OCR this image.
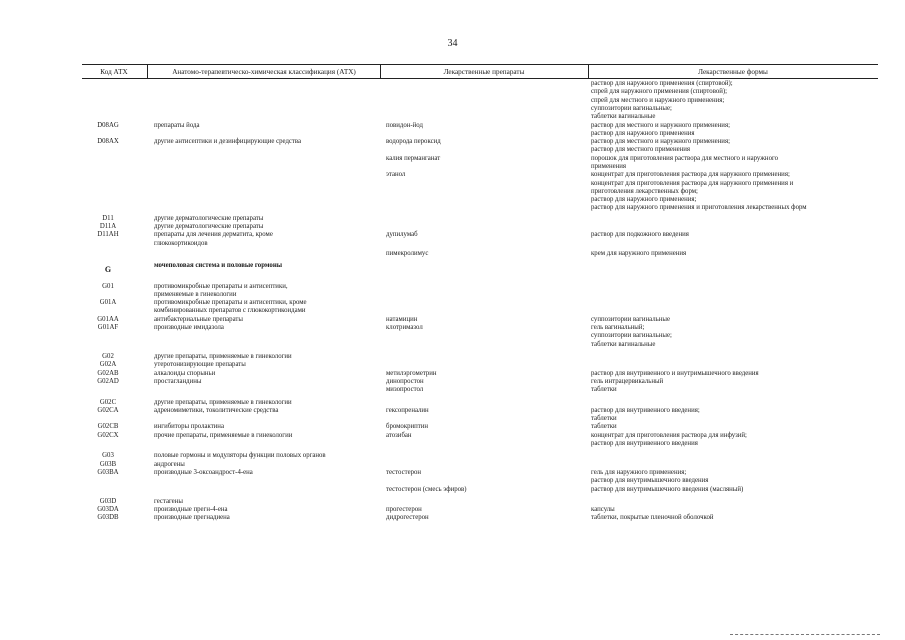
34
Код АТХ	Анатомо-терапевтическо-химическая классификация (АТХ)	Лекарственные препараты	Лекарственные формы
раствор для наружного применения (спиртовой);
спрей для наружного применения (спиртовой);
спрей для местного и наружного применения;
суппозитории вагинальные;
таблетки вагинальные
D08AG	препараты йода	повидон-йод	раствор для местного и наружного применения;
раствор для наружного применения
D08AX	другие антисептики и дезинфицирующие средства	водорода пероксид	раствор для местного и наружного применения;
раствор для местного применения
калия перманганат	порошок для приготовления раствора для местного и наружного
применения
этанол	концентрат для приготовления раствора для наружного применения;
концентрат для приготовления раствора для наружного применения и
приготовления лекарственных форм;
раствор для наружного применения;
раствор для наружного применения и приготовления лекарственных форм
D11	другие дерматологические препараты
D11A	другие дерматологические препараты
D11AH	препараты для лечения дерматита, кроме
глюкокортикоидов
дупилумаб	раствор для подкожного введения
пимекролимус	крем для наружного применения
G	мочеполовая система и половые гормоны
G01	противомикробные препараты и антисептики,
применяемые в гинекологии
G01A	противомикробные препараты и антисептики, кроме
комбинированных препаратов с глюкокортикоидами
G01AA	антибактериальные препараты	натамицин	суппозитории вагинальные
G01AF	производные имидазола	клотримазол	гель вагинальный;
суппозитории вагинальные;
таблетки вагинальные
G02	другие препараты, применяемые в гинекологии
G02A	утеротонизирующие препараты
G02AB	алкалоиды спорыньи	метилэргометрин	раствор для внутривенного и внутримышечного введения
G02AD	простагландины	динопростон	гель интрацервикальный
мизопростол	таблетки
G02C	другие препараты, применяемые в гинекологии
G02CA	адреномиметики, токолитические средства	гексопреналин	раствор для внутривенного введения;
таблетки
G02CB	ингибиторы пролактина	бромокриптин	таблетки
G02CX	прочие препараты, применяемые в гинекологии	атозибан	концентрат для приготовления раствора для инфузий;
раствор для внутривенного введения
G03	половые гормоны и модуляторы функции половых органов
G03B	андрогены
G03BA	производные 3-оксоандрост-4-ена	тестостерон	гель для наружного применения;
раствор для внутримышечного введения
тестостерон (смесь эфиров)	раствор для внутримышечного введения (масляный)
G03D	гестагены
G03DA	производные прегн-4-ена	прогестерон	капсулы
G03DB	производные прегнадиена	дидрогестерон	таблетки, покрытые пленочной оболочкой
